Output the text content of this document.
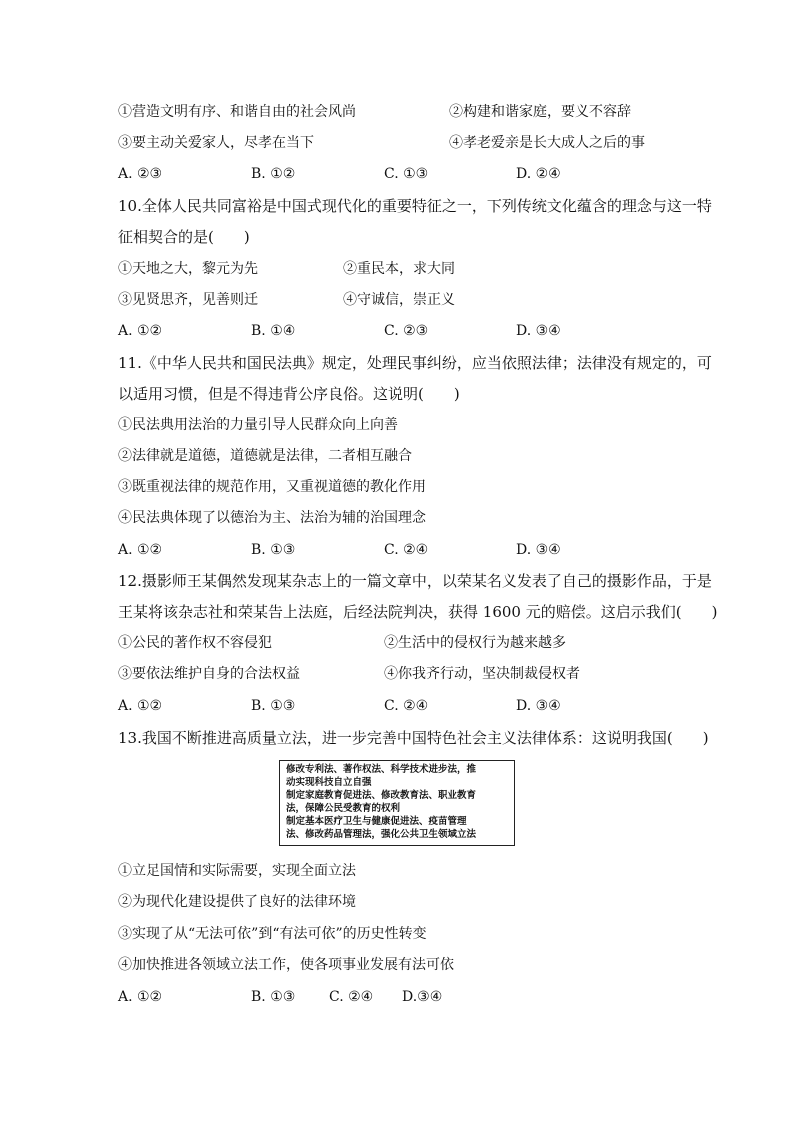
①营造文明有序、和谐自由的社会风尚	②构建和谐家庭，要义不容辞
③要主动关爱家人，尽孝在当下	④孝老爱亲是长大成人之后的事
A. ②③	B. ①②	C. ①③	D. ②④
10.全体人民共同富裕是中国式现代化的重要特征之一，下列传统文化蕴含的理念与这一特
征相契合的是(　　)
①天地之大，黎元为先	②重民本，求大同
③见贤思齐，见善则迁	④守诚信，崇正义
A. ①②	B. ①④	C. ②③	D. ③④
11.《中华人民共和国民法典》规定，处理民事纠纷，应当依照法律；法律没有规定的，可
以适用习惯，但是不得违背公序良俗。这说明(　　)
①民法典用法治的力量引导人民群众向上向善
②法律就是道德，道德就是法律，二者相互融合
③既重视法律的规范作用，又重视道德的教化作用
④民法典体现了以德治为主、法治为辅的治国理念
A. ①②	B. ①③	C. ②④	D. ③④
12.摄影师王某偶然发现某杂志上的一篇文章中，以荣某名义发表了自己的摄影作品，于是
王某将该杂志社和荣某告上法庭，后经法院判决，获得 1600 元的赔偿。这启示我们(　　)
①公民的著作权不容侵犯	②生活中的侵权行为越来越多
③要依法维护自身的合法权益	④你我齐行动，坚决制裁侵权者
A. ①②	B. ①③	C. ②④	D. ③④
13.我国不断推进高质量立法，进一步完善中国特色社会主义法律体系：这说明我国(　　)
修改专利法、著作权法、科学技术进步法，推
动实现科技自立自强
制定家庭教育促进法、修改教育法、职业教育
法，保障公民受教育的权利
制定基本医疗卫生与健康促进法、疫苗管理
法、修改药品管理法，强化公共卫生领域立法
①立足国情和实际需要，实现全面立法
②为现代化建设提供了良好的法律环境
③实现了从“无法可依”到“有法可依”的历史性转变
④加快推进各领域立法工作，使各项事业发展有法可依
A. ①②	B. ①③ C. ②④ D.③④
